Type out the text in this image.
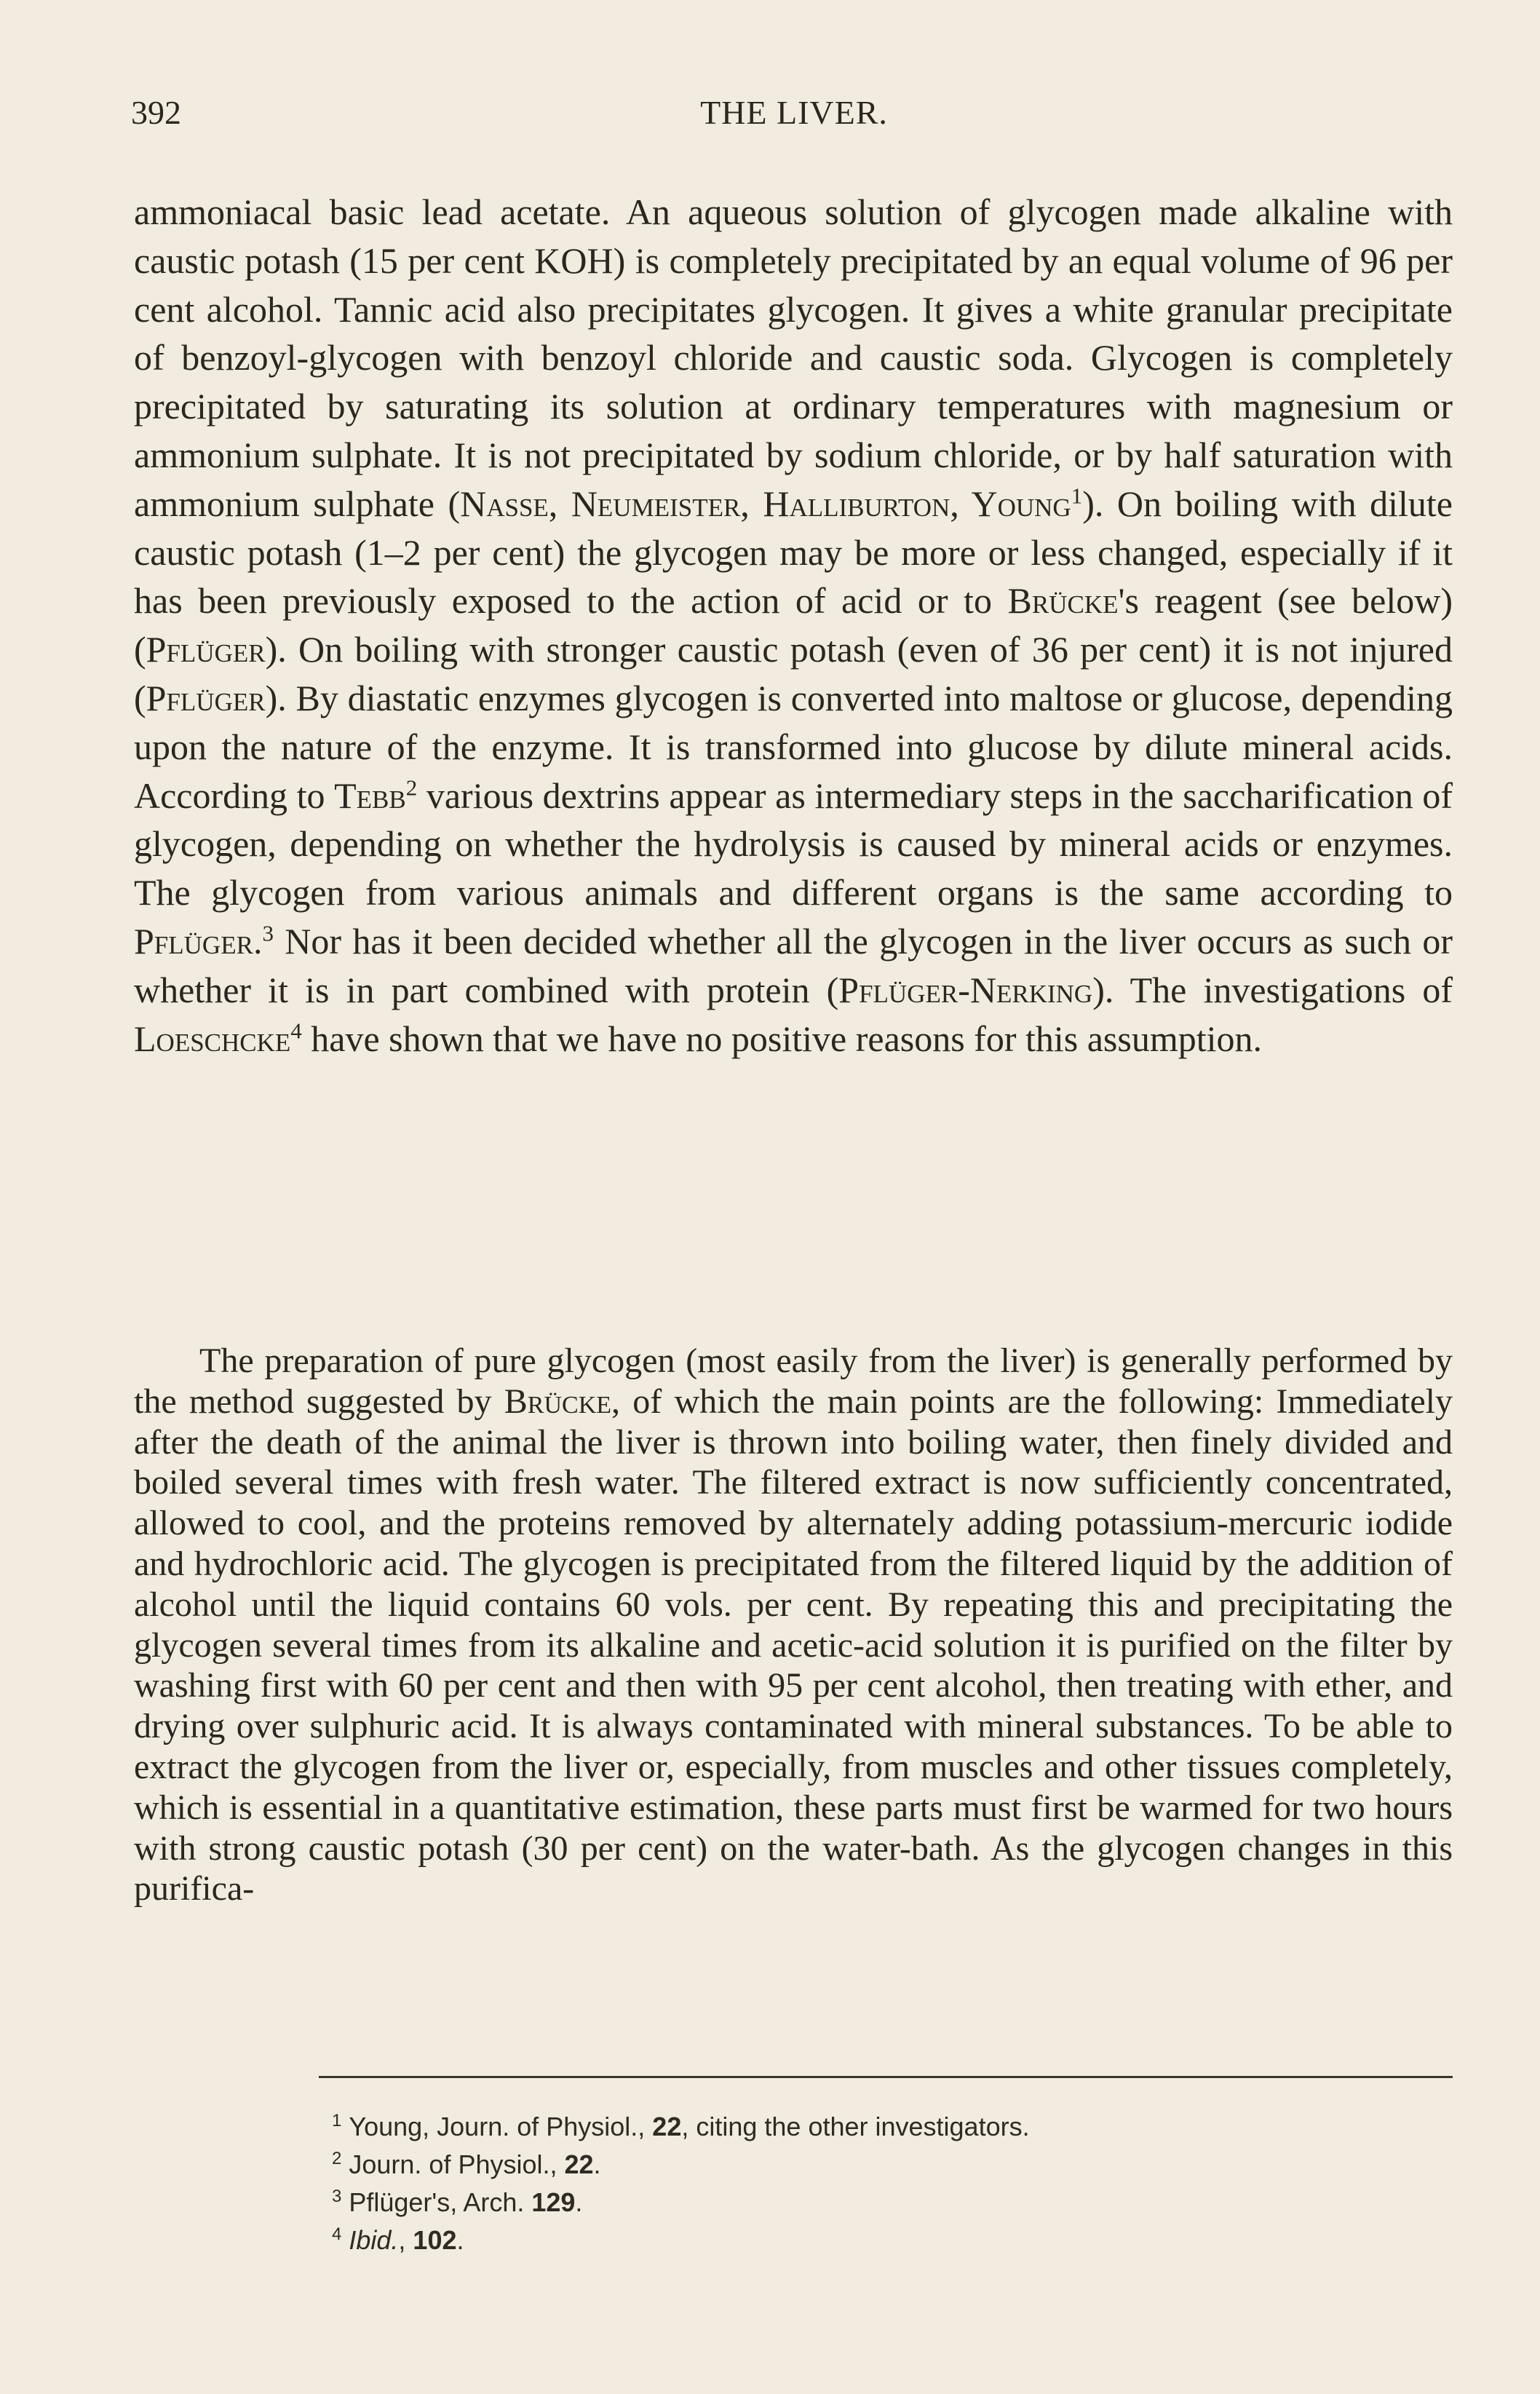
392	THE LIVER.

ammoniacal basic lead acetate. An aqueous solution of glycogen made alkaline with caustic potash (15 per cent KOH) is completely precipitated by an equal volume of 96 per cent alcohol. Tannic acid also precipitates glycogen. It gives a white granular precipitate of benzoyl-glycogen with benzoyl chloride and caustic soda. Glycogen is completely precipitated by saturating its solution at ordinary temperatures with magnesium or ammonium sulphate. It is not precipitated by sodium chloride, or by half saturation with ammonium sulphate (Nasse, Neumeister, Halliburton, Young$^1$). On boiling with dilute caustic potash (1–2 per cent) the glycogen may be more or less changed, especially if it has been previously exposed to the action of acid or to Brücke's reagent (see below) (Pflüger). On boiling with stronger caustic potash (even of 36 per cent) it is not injured (Pflüger). By diastatic enzymes glycogen is converted into maltose or glucose, depending upon the nature of the enzyme. It is transformed into glucose by dilute mineral acids. According to Tebb$^2$ various dextrins appear as intermediary steps in the saccharification of glycogen, depending on whether the hydrolysis is caused by mineral acids or enzymes. The glycogen from various animals and different organs is the same according to Pflüger.$^3$ Nor has it been decided whether all the glycogen in the liver occurs as such or whether it is in part combined with protein (Pflüger-Nerking). The investigations of Loeschcke$^4$ have shown that we have no positive reasons for this assumption.

The preparation of pure glycogen (most easily from the liver) is generally performed by the method suggested by Brücke, of which the main points are the following: Immediately after the death of the animal the liver is thrown into boiling water, then finely divided and boiled several times with fresh water. The filtered extract is now sufficiently concentrated, allowed to cool, and the proteins removed by alternately adding potassium-mercuric iodide and hydrochloric acid. The glycogen is precipitated from the filtered liquid by the addition of alcohol until the liquid contains 60 vols. per cent. By repeating this and precipitating the glycogen several times from its alkaline and acetic-acid solution it is purified on the filter by washing first with 60 per cent and then with 95 per cent alcohol, then treating with ether, and drying over sulphuric acid. It is always contaminated with mineral substances. To be able to extract the glycogen from the liver or, especially, from muscles and other tissues completely, which is essential in a quantitative estimation, these parts must first be warmed for two hours with strong caustic potash (30 per cent) on the water-bath. As the glycogen changes in this purifica-

$^1$ Young, Journ. of Physiol., 22, citing the other investigators.
$^2$ Journ. of Physiol., 22.
$^3$ Pflüger's, Arch. 129.
$^4$ Ibid., 102.
